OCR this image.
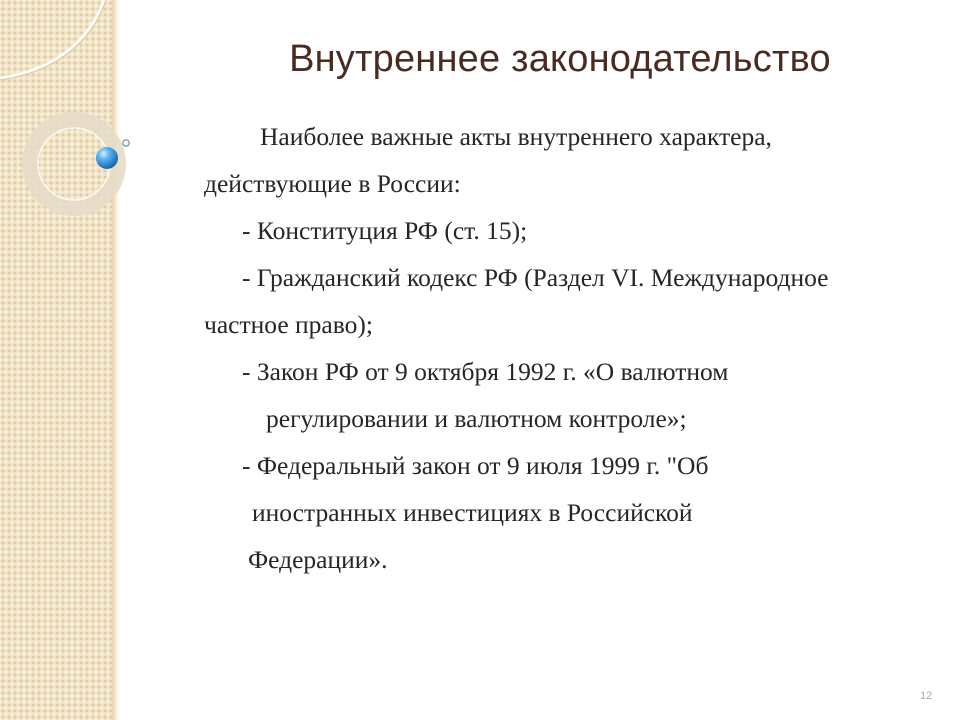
Внутреннее законодательство
Наиболее важные акты внутреннего характера,
действующие в России:
- Конституция РФ (ст. 15);
- Гражданский кодекс РФ (Раздел VI. Международное
частное право);
- Закон РФ от 9 октября 1992 г. «О валютном
регулировании и валютном контроле»;
- Федеральный закон от 9 июля 1999 г. "Об
иностранных инвестициях в Российской
Федерации».
12
